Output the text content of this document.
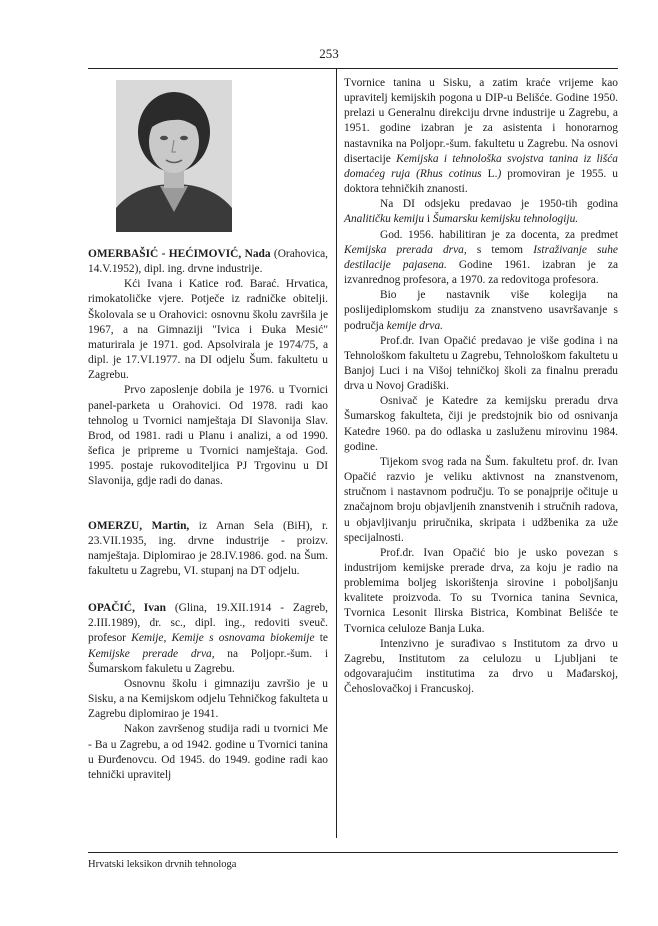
253

OMERBAŠIĆ - HEĆIMOVIĆ, Nada (Orahovica, 14.V.1952), dipl. ing. drvne industrije.

Kći Ivana i Katice rođ. Barać. Hrvatica, rimokatoličke vjere. Potječe iz radničke obitelji. Školovala se u Orahovici: osnovnu školu završila je 1967, a na Gimnaziji "Ivica i Đuka Mesić" maturirala je 1971. god. Apsolvirala je 1974/75, a dipl. je 17.VI.1977. na DI odjelu Šum. fakultetu u Zagrebu.

Prvo zaposlenje dobila je 1976. u Tvornici panel-parketa u Orahovici. Od 1978. radi kao tehnolog u Tvornici namještaja DI Slavonija Slav. Brod, od 1981. radi u Planu i analizi, a od 1990. šefica je pripreme u Tvornici namještaja. God. 1995. postaje rukovoditeljica PJ Trgovinu u DI Slavonija, gdje radi do danas.

OMERZU, Martin, iz Arnan Sela (BiH), r. 23.VII.1935, ing. drvne industrije - proizv. namještaja. Diplomirao je 28.IV.1986. god. na Šum. fakultetu u Zagrebu, VI. stupanj na DT odjelu.

OPAČIĆ, Ivan (Glina, 19.XII.1914 - Zagreb, 2.III.1989), dr. sc., dipl. ing., redoviti sveuč. profesor Kemije, Kemije s osnovama biokemije te Kemijske prerade drva, na Poljopr.-šum. i Šumarskom fakuletu u Zagrebu.

Osnovnu školu i gimnaziju završio je u Sisku, a na Kemijskom odjelu Tehničkog fakulteta u Zagrebu diplomirao je 1941.

Nakon završenog studija radi u tvornici Me - Ba u Zagrebu, a od 1942. godine u Tvornici tanina u Đurđenovcu. Od 1945. do 1949. godine radi kao tehnički upravitelj

Tvornice tanina u Sisku, a zatim kraće vrijeme kao upravitelj kemijskih pogona u DIP-u Belišće. Godine 1950. prelazi u Generalnu direkciju drvne industrije u Zagrebu, a 1951. godine izabran je za asistenta i honorarnog nastavnika na Poljopr.-šum. fakultetu u Zagrebu. Na osnovi disertacije Kemijska i tehnološka svojstva tanina iz lišća domaćeg ruja (Rhus cotinus L.) promoviran je 1955. u doktora tehničkih znanosti.

Na DI odsjeku predavao je 1950-tih godina Analitičku kemiju i Šumarsku kemijsku tehnologiju.

God. 1956. habilitiran je za docenta, za predmet Kemijska prerada drva, s temom Istraživanje suhe destilacije pajasena. Godine 1961. izabran je za izvanrednog profesora, a 1970. za redovitoga profesora.

Bio je nastavnik više kolegija na poslijediplomskom studiju za znanstveno usavršavanje s područja kemije drva.

Prof.dr. Ivan Opačić predavao je više godina i na Tehnološkom fakultetu u Zagrebu, Tehnološkom fakultetu u Banjoj Luci i na Višoj tehničkoj školi za finalnu preradu drva u Novoj Gradiški.

Osnivač je Katedre za kemijsku preradu drva Šumarskog fakulteta, čiji je predstojnik bio od osnivanja Katedre 1960. pa do odlaska u zasluženu mirovinu 1984. godine.

Tijekom svog rada na Šum. fakultetu prof. dr. Ivan Opačić razvio je veliku aktivnost na znanstvenom, stručnom i nastavnom području. To se ponajprije očituje u značajnom broju objavljenih znanstvenih i stručnih radova, u objavljivanju priručnika, skripata i udžbenika za uže specijalnosti.

Prof.dr. Ivan Opačić bio je usko povezan s industrijom kemijske prerade drva, za koju je radio na problemima boljeg iskorištenja sirovine i poboljšanju kvalitete proizvoda. To su Tvornica tanina Sevnica, Tvornica Lesonit Ilirska Bistrica, Kombinat Belišće te Tvornica celuloze Banja Luka.

Intenzivno je surađivao s Institutom za drvo u Zagrebu, Institutom za celulozu u Ljubljani te odgovarajućim institutima za drvo u Mađarskoj, Čehoslovačkoj i Francuskoj.

Hrvatski leksikon drvnih tehnologa
